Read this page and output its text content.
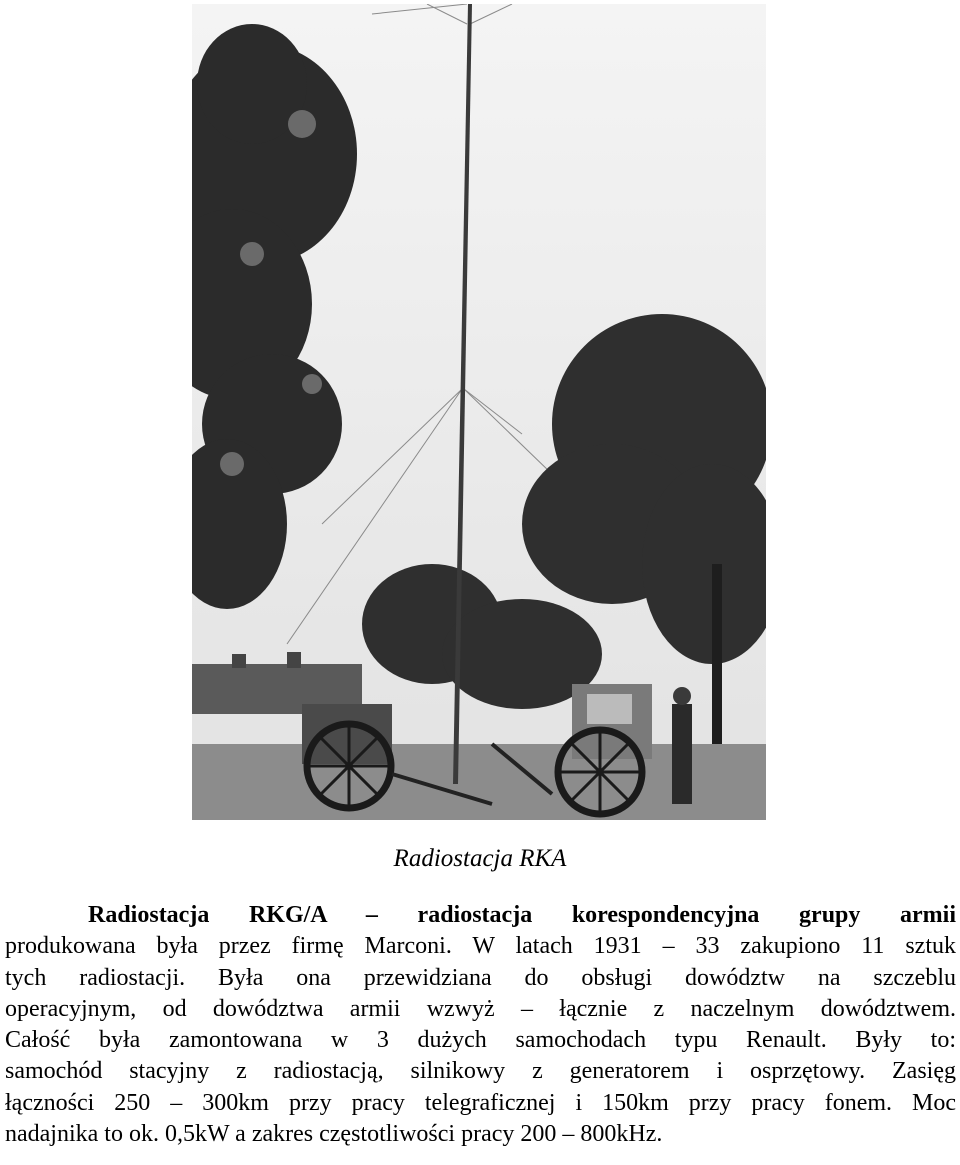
Radiostacja RKA

Radiostacja RKG/A – radiostacja korespondencyjna grupy armii
produkowana była przez firmę Marconi. W latach 1931 – 33 zakupiono 11 sztuk
tych radiostacji. Była ona przewidziana do obsługi dowództw na szczeblu
operacyjnym, od dowództwa armii wzwyż – łącznie z naczelnym dowództwem.
Całość była zamontowana w 3 dużych samochodach typu Renault. Były to:
samochód stacyjny z radiostacją, silnikowy z generatorem i osprzętowy. Zasięg
łączności 250 – 300km przy pracy telegraficznej i 150km przy pracy fonem. Moc
nadajnika to ok. 0,5kW a zakres częstotliwości pracy 200 – 800kHz.
